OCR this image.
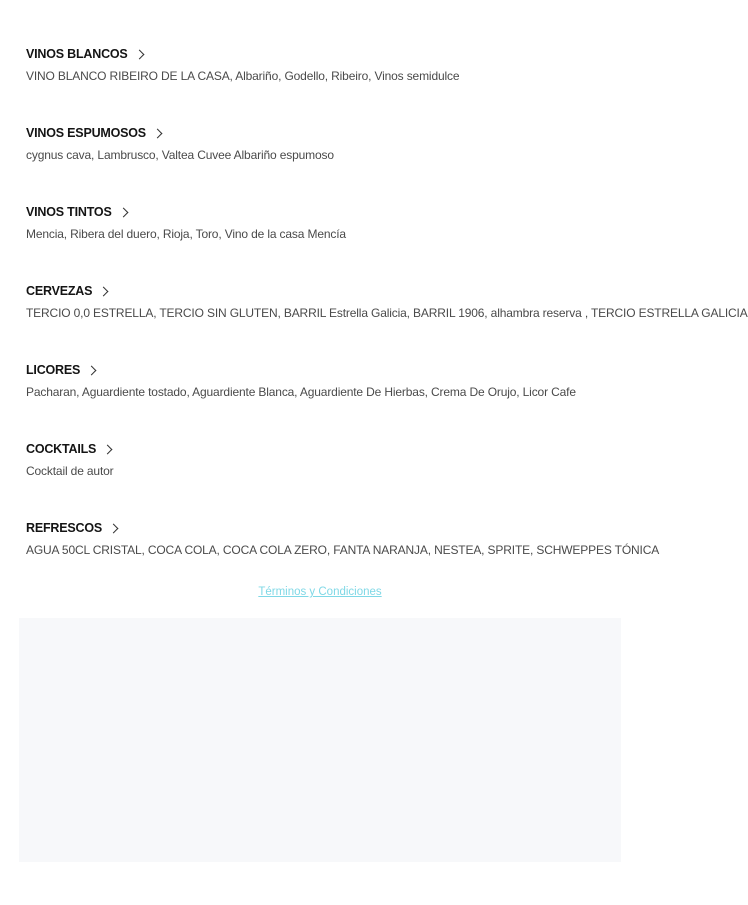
VINOS BLANCOS
VINO BLANCO RIBEIRO DE LA CASA, Albariño, Godello, Ribeiro, Vinos semidulce
VINOS ESPUMOSOS
cygnus cava, Lambrusco, Valtea Cuvee Albariño espumoso
VINOS TINTOS
Mencia, Ribera del duero, Rioja, Toro, Vino de la casa Mencía
CERVEZAS
TERCIO 0,0 ESTRELLA, TERCIO SIN GLUTEN, BARRIL Estrella Galicia, BARRIL 1906, alhambra reserva , TERCIO ESTRELLA GALICIA
LICORES
Pacharan, Aguardiente tostado, Aguardiente Blanca, Aguardiente De Hierbas, Crema De Orujo, Licor Cafe
COCKTAILS
Cocktail de autor
REFRESCOS
AGUA 50CL CRISTAL, COCA COLA, COCA COLA ZERO, FANTA NARANJA, NESTEA, SPRITE, SCHWEPPES TÓNICA
Términos y Condiciones
